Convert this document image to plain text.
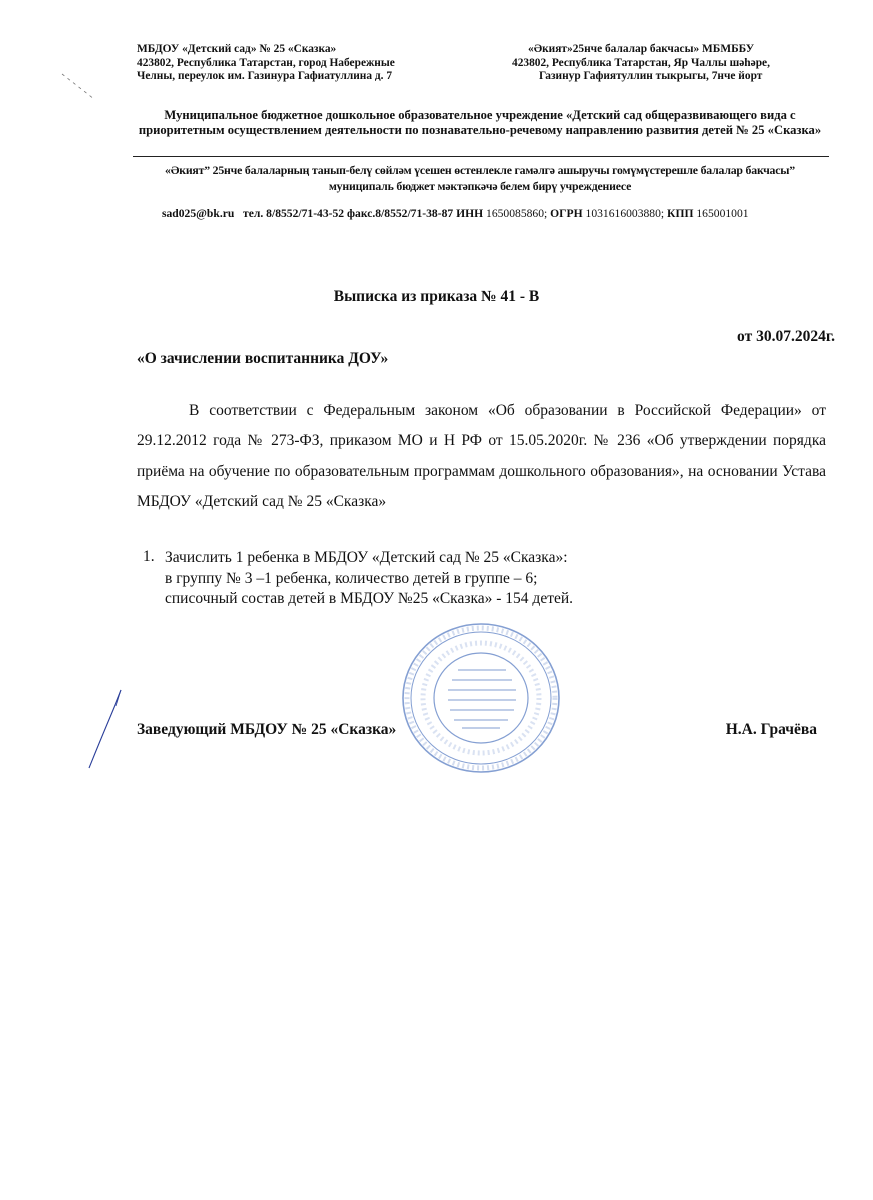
МБДОУ «Детский сад» № 25 «Сказка»
423802, Республика Татарстан, город Набережные
Челны, переулок им. Газинура Гафиатуллина д. 7
«Әкият»25нче балалар бакчасы» МБМББУ
423802, Республика Татарстан, Яр Чаллы шәһәре,
Газинур Гафиятуллин тыкрыгы, 7нче йорт
Муниципальное бюджетное дошкольное образовательное учреждение «Детский сад общеразвивающего вида с приоритетным осуществлением деятельности по познавательно-речевому направлению развития детей № 25 «Сказка»
«Әкият” 25нче балаларның танып-белү сөйләм үсешен өстенлекле гамәлгә ашыручы гомүмүстерешле балалар бакчасы” муниципаль бюджет мәктәпкәчә белем бирү учреждениесе
sad025@bk.ru тел. 8/8552/71-43-52 факс.8/8552/71-38-87 ИНН 1650085860; ОГРН 1031616003880; КПП 165001001
Выписка из приказа № 41 - В
от 30.07.2024г.
«О зачислении воспитанника ДОУ»
В соответствии с Федеральным законом «Об образовании в Российской Федерации» от 29.12.2012 года № 273-ФЗ, приказом МО и Н РФ от 15.05.2020г. № 236 «Об утверждении порядка приёма на обучение по образовательным программам дошкольного образования», на основании Устава МБДОУ «Детский сад № 25 «Сказка»
1. Зачислить 1 ребенка в МБДОУ «Детский сад № 25 «Сказка»:
в группу № 3 –1 ребенка, количество детей в группе – 6;
списочный состав детей в МБДОУ №25 «Сказка» - 154 детей.
Заведующий МБДОУ № 25 «Сказка»	Н.А. Грачёва
